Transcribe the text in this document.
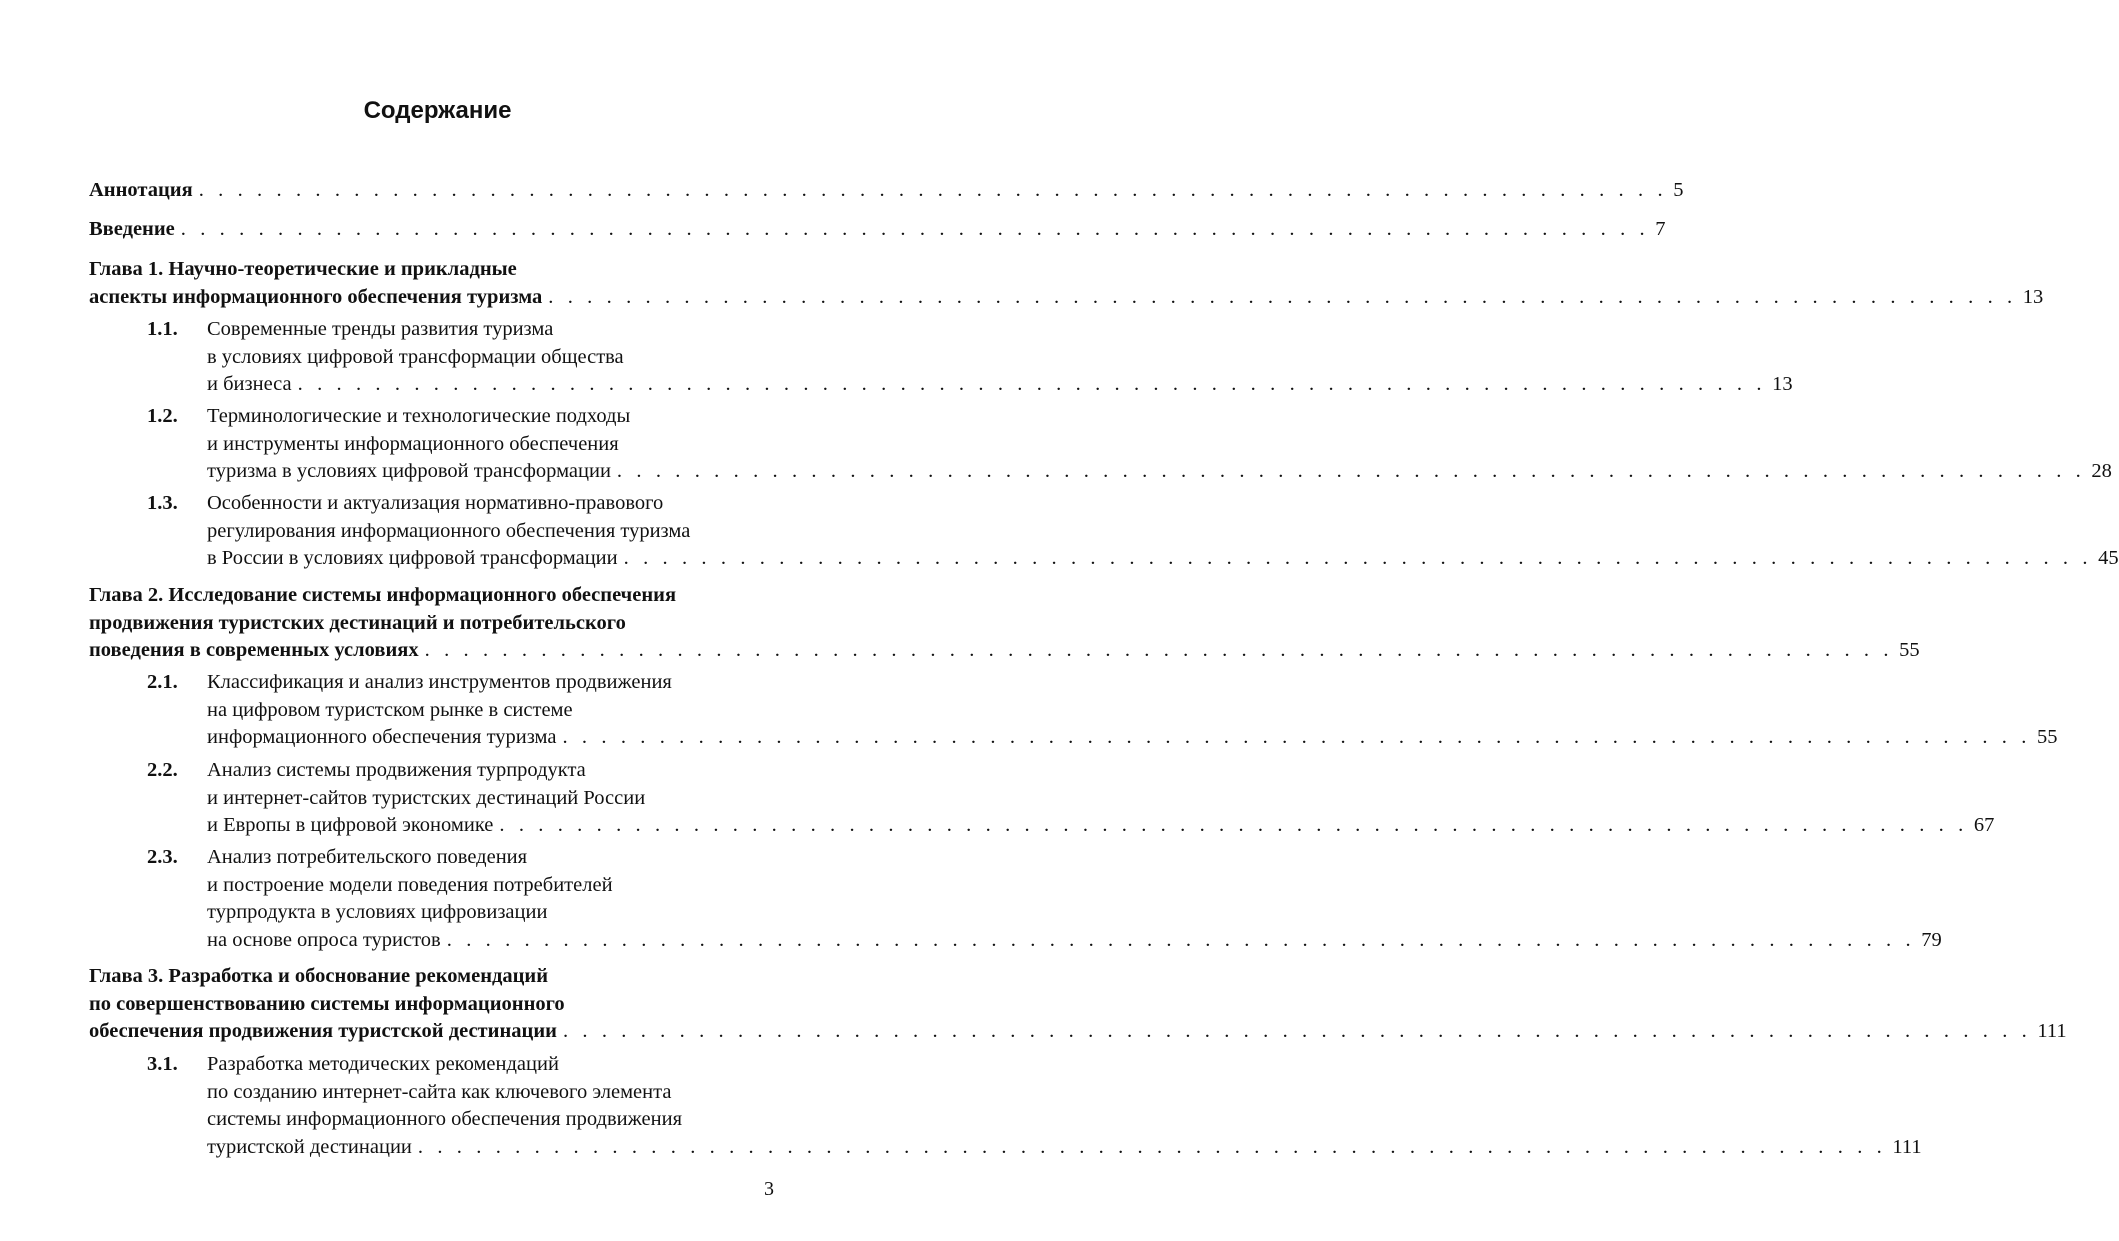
Содержание
Аннотация . . . . . . . . . . . . . . . . . . . . . . . . . . . . . . . . . . . . . . . . . . . . . . . . . . . . . . . . . . . . . . . . . . . . . . . . . . . . 5
Введение . . . . . . . . . . . . . . . . . . . . . . . . . . . . . . . . . . . . . . . . . . . . . . . . . . . . . . . . . . . . . . . . . . . . . . . . . . . . 7
Глава 1. Научно-теоретические и прикладные
аспекты информационного обеспечения туризма . . . . . . . . . . . . . . . . . . . . . . . . . . . . . . . . . . . . . . . . . . . . . . . . . . . . . . . . . . . . . . . . . . . . . . . . . . . . 13
1.1. Современные тренды развития туризма
в условиях цифровой трансформации общества
и бизнеса . . . . . . . . . . . . . . . . . . . . . . . . . . . . . . . . . . . . . . . . . . . . . . . . . . . . . . . . . . . . . . . . . . . . . . . . . . . . 13
1.2. Терминологические и технологические подходы
и инструменты информационного обеспечения
туризма в условиях цифровой трансформации . . . . . . . . . . . . . . . . . . . . . . . . . . . . . . . . . . . . . . . . . . . . . . . . . . . . . . . . . . . . . . . . . . . . . . . . . . . . 28
1.3. Особенности и актуализация нормативно-правового
регулирования информационного обеспечения туризма
в России в условиях цифровой трансформации . . . . . . . . . . . . . . . . . . . . . . . . . . . . . . . . . . . . . . . . . . . . . . . . . . . . . . . . . . . . . . . . . . . . . . . . . . . . 45
Глава 2. Исследование системы информационного обеспечения
продвижения туристских дестинаций и потребительского
поведения в современных условиях . . . . . . . . . . . . . . . . . . . . . . . . . . . . . . . . . . . . . . . . . . . . . . . . . . . . . . . . . . . . . . . . . . . . . . . . . . . . 55
2.1. Классификация и анализ инструментов продвижения
на цифровом туристском рынке в системе
информационного обеспечения туризма . . . . . . . . . . . . . . . . . . . . . . . . . . . . . . . . . . . . . . . . . . . . . . . . . . . . . . . . . . . . . . . . . . . . . . . . . . . . 55
2.2. Анализ системы продвижения турпродукта
и интернет-сайтов туристских дестинаций России
и Европы в цифровой экономике . . . . . . . . . . . . . . . . . . . . . . . . . . . . . . . . . . . . . . . . . . . . . . . . . . . . . . . . . . . . . . . . . . . . . . . . . . . . 67
2.3. Анализ потребительского поведения
и построение модели поведения потребителей
турпродукта в условиях цифровизации
на основе опроса туристов . . . . . . . . . . . . . . . . . . . . . . . . . . . . . . . . . . . . . . . . . . . . . . . . . . . . . . . . . . . . . . . . . . . . . . . . . . . . 79
Глава 3. Разработка и обоснование рекомендаций
по совершенствованию системы информационного
обеспечения продвижения туристской дестинации . . . . . . . . . . . . . . . . . . . . . . . . . . . . . . . . . . . . . . . . . . . . . . . . . . . . . . . . . . . . . . . . . . . . . . . . . . . . 111
3.1. Разработка методических рекомендаций
по созданию интернет-сайта как ключевого элемента
системы информационного обеспечения продвижения
туристской дестинации . . . . . . . . . . . . . . . . . . . . . . . . . . . . . . . . . . . . . . . . . . . . . . . . . . . . . . . . . . . . . . . . . . . . . . . . . . . . 111
3
